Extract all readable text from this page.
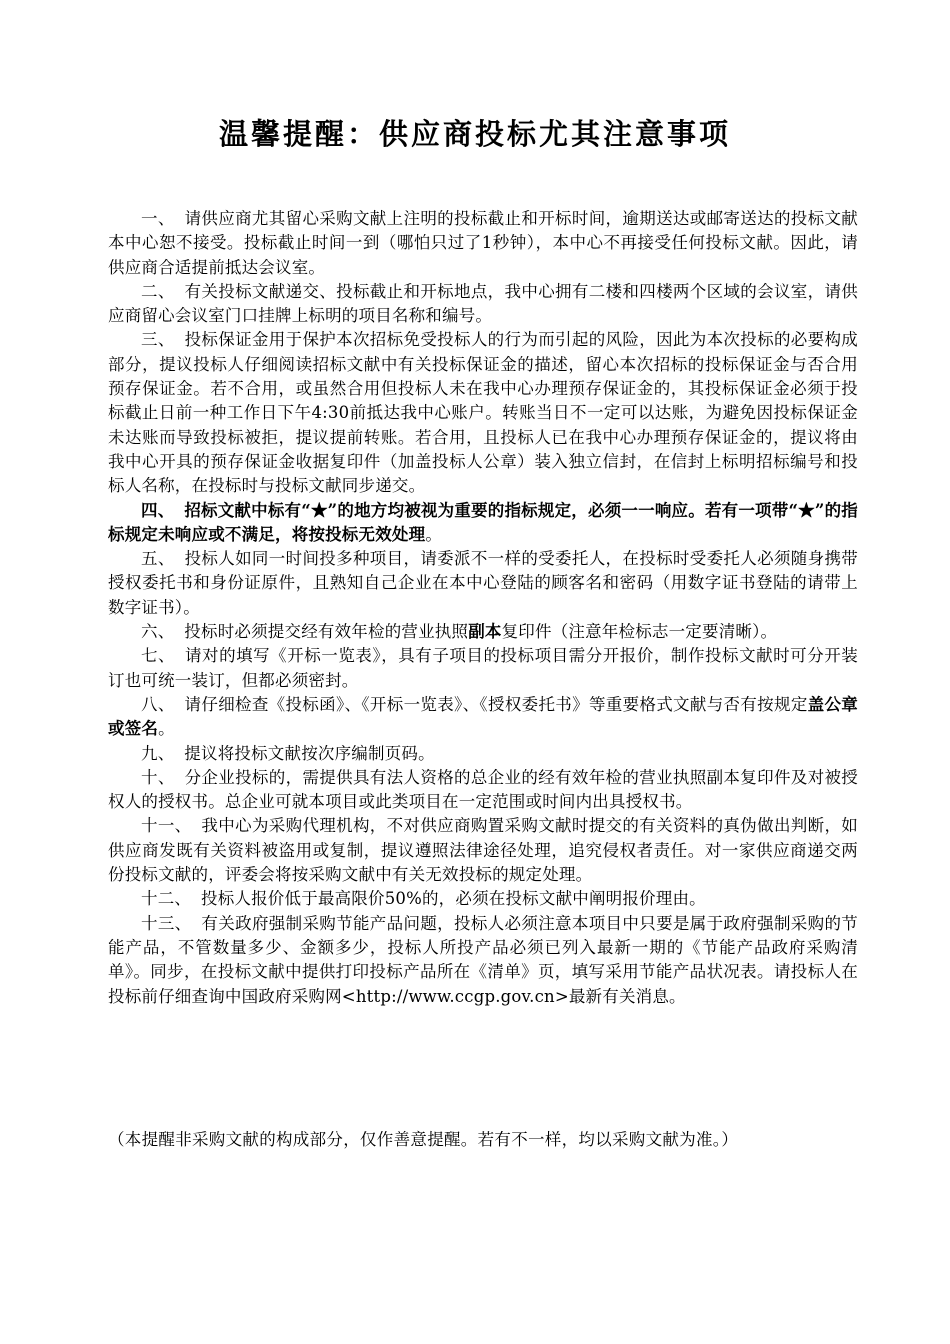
温馨提醒：供应商投标尤其注意事项

一、 请供应商尤其留心采购文献上注明的投标截止和开标时间，逾期送达或邮寄送达的投标文献本中心恕不接受。投标截止时间一到（哪怕只过了1秒钟），本中心不再接受任何投标文献。因此，请供应商合适提前抵达会议室。

二、 有关投标文献递交、投标截止和开标地点，我中心拥有二楼和四楼两个区域的会议室，请供应商留心会议室门口挂牌上标明的项目名称和编号。

三、 投标保证金用于保护本次招标免受投标人的行为而引起的风险，因此为本次投标的必要构成部分，提议投标人仔细阅读招标文献中有关投标保证金的描述，留心本次招标的投标保证金与否合用预存保证金。若不合用，或虽然合用但投标人未在我中心办理预存保证金的，其投标保证金必须于投标截止日前一种工作日下午4:30前抵达我中心账户。转账当日不一定可以达账，为避免因投标保证金未达账而导致投标被拒，提议提前转账。若合用，且投标人已在我中心办理预存保证金的，提议将由我中心开具的预存保证金收据复印件（加盖投标人公章）装入独立信封，在信封上标明招标编号和投标人名称，在投标时与投标文献同步递交。

四、 招标文献中标有“★”的地方均被视为重要的指标规定，必须一一响应。若有一项带“★”的指标规定未响应或不满足，将按投标无效处理。

五、 投标人如同一时间投多种项目，请委派不一样的受委托人，在投标时受委托人必须随身携带授权委托书和身份证原件，且熟知自己企业在本中心登陆的顾客名和密码（用数字证书登陆的请带上数字证书）。

六、 投标时必须提交经有效年检的营业执照副本复印件（注意年检标志一定要清晰）。

七、 请对的填写《开标一览表》，具有子项目的投标项目需分开报价，制作投标文献时可分开装订也可统一装订，但都必须密封。

八、 请仔细检查《投标函》、《开标一览表》、《授权委托书》等重要格式文献与否有按规定盖公章或签名。

九、 提议将投标文献按次序编制页码。

十、 分企业投标的，需提供具有法人资格的总企业的经有效年检的营业执照副本复印件及对被授权人的授权书。总企业可就本项目或此类项目在一定范围或时间内出具授权书。

十一、 我中心为采购代理机构，不对供应商购置采购文献时提交的有关资料的真伪做出判断，如供应商发既有关资料被盗用或复制，提议遵照法律途径处理，追究侵权者责任。对一家供应商递交两份投标文献的，评委会将按采购文献中有关无效投标的规定处理。

十二、 投标人报价低于最高限价50%的，必须在投标文献中阐明报价理由。

十三、 有关政府强制采购节能产品问题，投标人必须注意本项目中只要是属于政府强制采购的节能产品，不管数量多少、金额多少，投标人所投产品必须已列入最新一期的《节能产品政府采购清单》。同步，在投标文献中提供打印投标产品所在《清单》页，填写采用节能产品状况表。请投标人在投标前仔细查询中国政府采购网<http://www.ccgp.gov.cn>最新有关消息。

（本提醒非采购文献的构成部分，仅作善意提醒。若有不一样，均以采购文献为准。）
